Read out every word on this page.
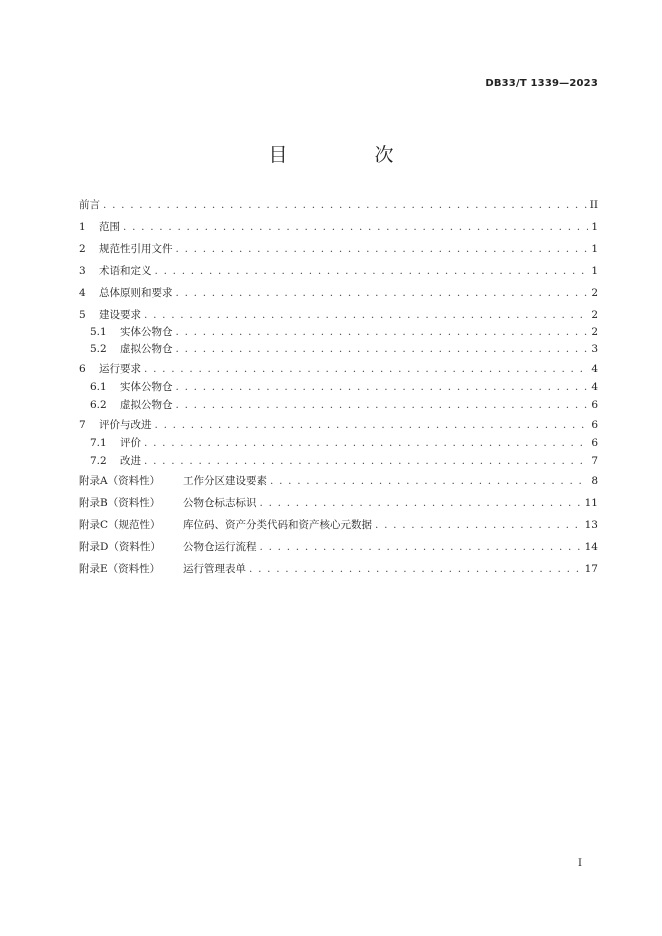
DB33/T 1339—2023
目　次
前言 . . .	II
1	范围 . . .	1
2	规范性引用文件 . . .	1
3	术语和定义 . . .	1
4	总体原则和要求 . . .	2
5	建设要求 . . .	2
5.1	实体公物仓 . . .	2
5.2	虚拟公物仓 . . .	3
6	运行要求 . . .	4
6.1	实体公物仓 . . .	4
6.2	虚拟公物仓 . . .	6
7	评价与改进 . . .	6
7.1	评价 . . .	6
7.2	改进 . . .	7
附录A（资料性）	工作分区建设要素 . . .	8
附录B（资料性）	公物仓标志标识 . . .	11
附录C（规范性）	库位码、资产分类代码和资产核心元数据 . . .	13
附录D（资料性）	公物仓运行流程 . . .	14
附录E（资料性）	运行管理表单 . . .	17
I
